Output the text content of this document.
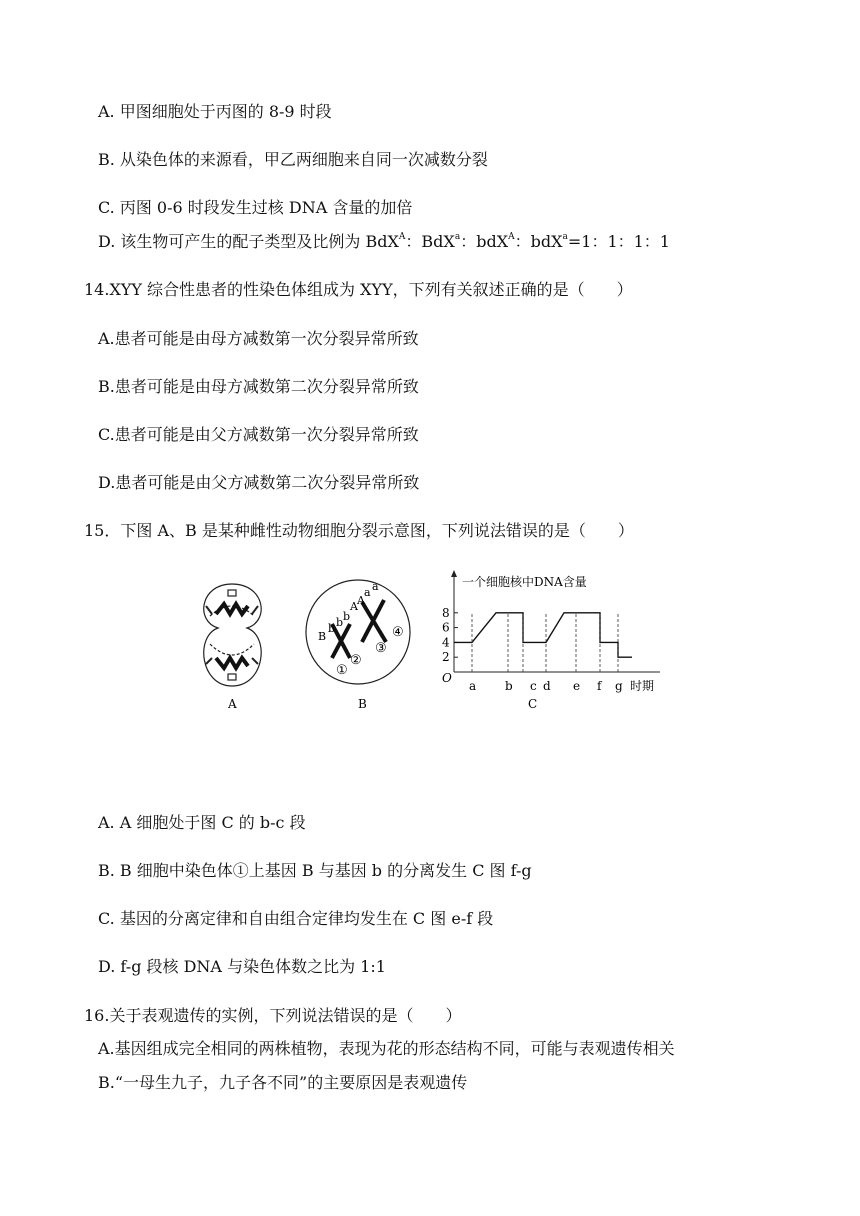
A. 甲图细胞处于丙图的 8-9 时段
B. 从染色体的来源看，甲乙两细胞来自同一次减数分裂
C. 丙图 0-6 时段发生过核 DNA 含量的加倍
D. 该生物可产生的配子类型及比例为 BdX$^A$：BdX$^a$：bdX$^A$：bdX$^a$=1：1：1：1
14.XYY 综合性患者的性染色体组成为 XYY，下列有关叙述正确的是（　　）
A.患者可能是由母方减数第一次分裂异常所致
B.患者可能是由母方减数第二次分裂异常所致
C.患者可能是由父方减数第一次分裂异常所致
D.患者可能是由父方减数第二次分裂异常所致
15．下图 A、B 是某种雌性动物细胞分裂示意图，下列说法错误的是（　　）
A
B
b b b
A A
a a
①
②
③
④
B
一个细胞核中DNA含量
O
时期
2
4
6
8
a b c d e f g
C
A. A 细胞处于图 C 的 b-c 段
B. B 细胞中染色体①上基因 B 与基因 b 的分离发生 C 图 f-g
C. 基因的分离定律和自由组合定律均发生在 C 图 e-f 段
D. f-g 段核 DNA 与染色体数之比为 1:1
16.关于表观遗传的实例，下列说法错误的是（　　）
A.基因组成完全相同的两株植物，表现为花的形态结构不同，可能与表观遗传相关
B.“一母生九子，九子各不同”的主要原因是表观遗传
